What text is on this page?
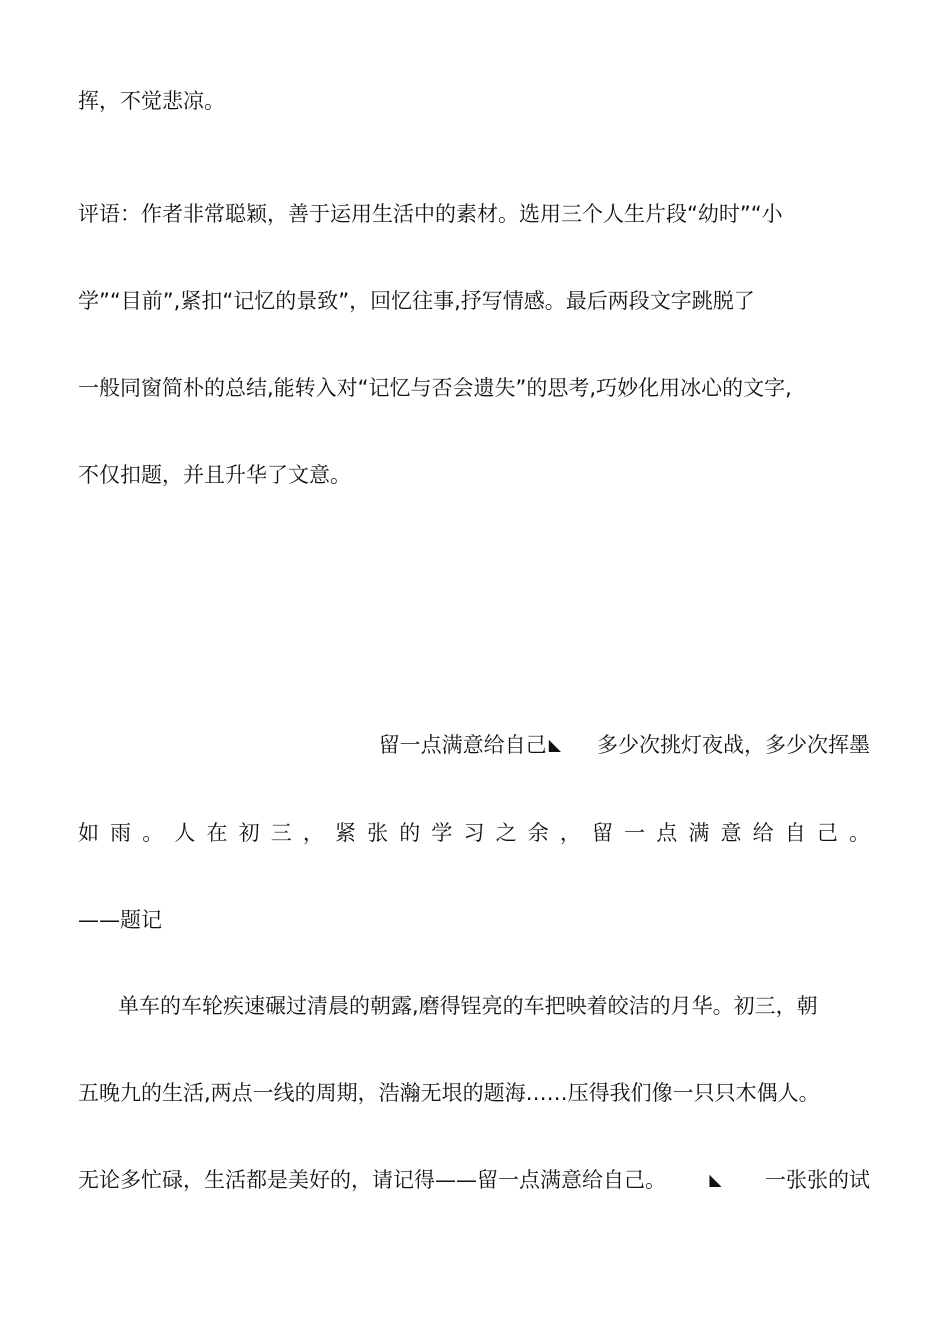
挥，不觉悲凉。
评语：作者非常聪颖，善于运用生活中的素材。选用三个人生片段“幼时”“小
学”“目前”,紧扣“记忆的景致”，回忆往事,抒写情感。最后两段文字跳脱了
一般同窗简朴的总结,能转入对“记忆与否会遗失”的思考,巧妙化用冰心的文字,
不仅扣题，并且升华了文意。
留一点满意给自己 ◣ 多少次挑灯夜战，多少次挥墨
如 雨 。 人 在 初 三 ， 紧 张 的 学 习 之 余 ， 留 一 点 满 意 给 自 己 。
——题记
单车的车轮疾速碾过清晨的朝露,磨得锃亮的车把映着皎洁的月华。初三，朝
五晚九的生活,两点一线的周期，浩瀚无垠的题海……压得我们像一只只木偶人。
无论多忙碌，生活都是美好的，请记得——留一点满意给自己。	◣ 一张张的试
